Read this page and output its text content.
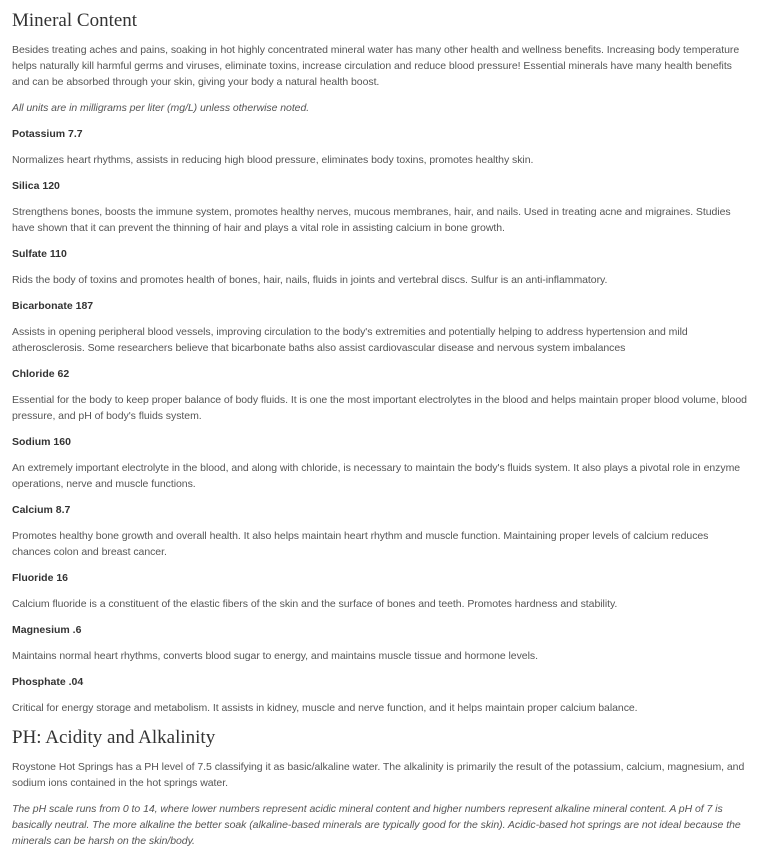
Mineral Content

Besides treating aches and pains, soaking in hot highly concentrated mineral water has many other health and wellness benefits. Increasing body temperature helps naturally kill harmful germs and viruses, eliminate toxins, increase circulation and reduce blood pressure! Essential minerals have many health benefits and can be absorbed through your skin, giving your body a natural health boost.

All units are in milligrams per liter (mg/L) unless otherwise noted.

Potassium 7.7

Normalizes heart rhythms, assists in reducing high blood pressure, eliminates body toxins, promotes healthy skin.

Silica 120

Strengthens bones, boosts the immune system, promotes healthy nerves, mucous membranes, hair, and nails. Used in treating acne and migraines. Studies have shown that it can prevent the thinning of hair and plays a vital role in assisting calcium in bone growth.

Sulfate 110

Rids the body of toxins and promotes health of bones, hair, nails, fluids in joints and vertebral discs. Sulfur is an anti-inflammatory.

Bicarbonate 187

Assists in opening peripheral blood vessels, improving circulation to the body's extremities and potentially helping to address hypertension and mild atherosclerosis. Some researchers believe that bicarbonate baths also assist cardiovascular disease and nervous system imbalances

Chloride 62

Essential for the body to keep proper balance of body fluids. It is one the most important electrolytes in the blood and helps maintain proper blood volume, blood pressure, and pH of body's fluids system.

Sodium 160

An extremely important electrolyte in the blood, and along with chloride, is necessary to maintain the body's fluids system. It also plays a pivotal role in enzyme operations, nerve and muscle functions.

Calcium 8.7

Promotes healthy bone growth and overall health. It also helps maintain heart rhythm and muscle function. Maintaining proper levels of calcium reduces chances colon and breast cancer.

Fluoride 16

Calcium fluoride is a constituent of the elastic fibers of the skin and the surface of bones and teeth. Promotes hardness and stability.

Magnesium .6

Maintains normal heart rhythms, converts blood sugar to energy, and maintains muscle tissue and hormone levels.

Phosphate .04

Critical for energy storage and metabolism. It assists in kidney, muscle and nerve function, and it helps maintain proper calcium balance.

PH: Acidity and Alkalinity

Roystone Hot Springs has a PH level of 7.5 classifying it as basic/alkaline water. The alkalinity is primarily the result of the potassium, calcium, magnesium, and sodium ions contained in the hot springs water.

The pH scale runs from 0 to 14, where lower numbers represent acidic mineral content and higher numbers represent alkaline mineral content. A pH of 7 is basically neutral. The more alkaline the better soak (alkaline-based minerals are typically good for the skin). Acidic-based hot springs are not ideal because the minerals can be harsh on the skin/body.
